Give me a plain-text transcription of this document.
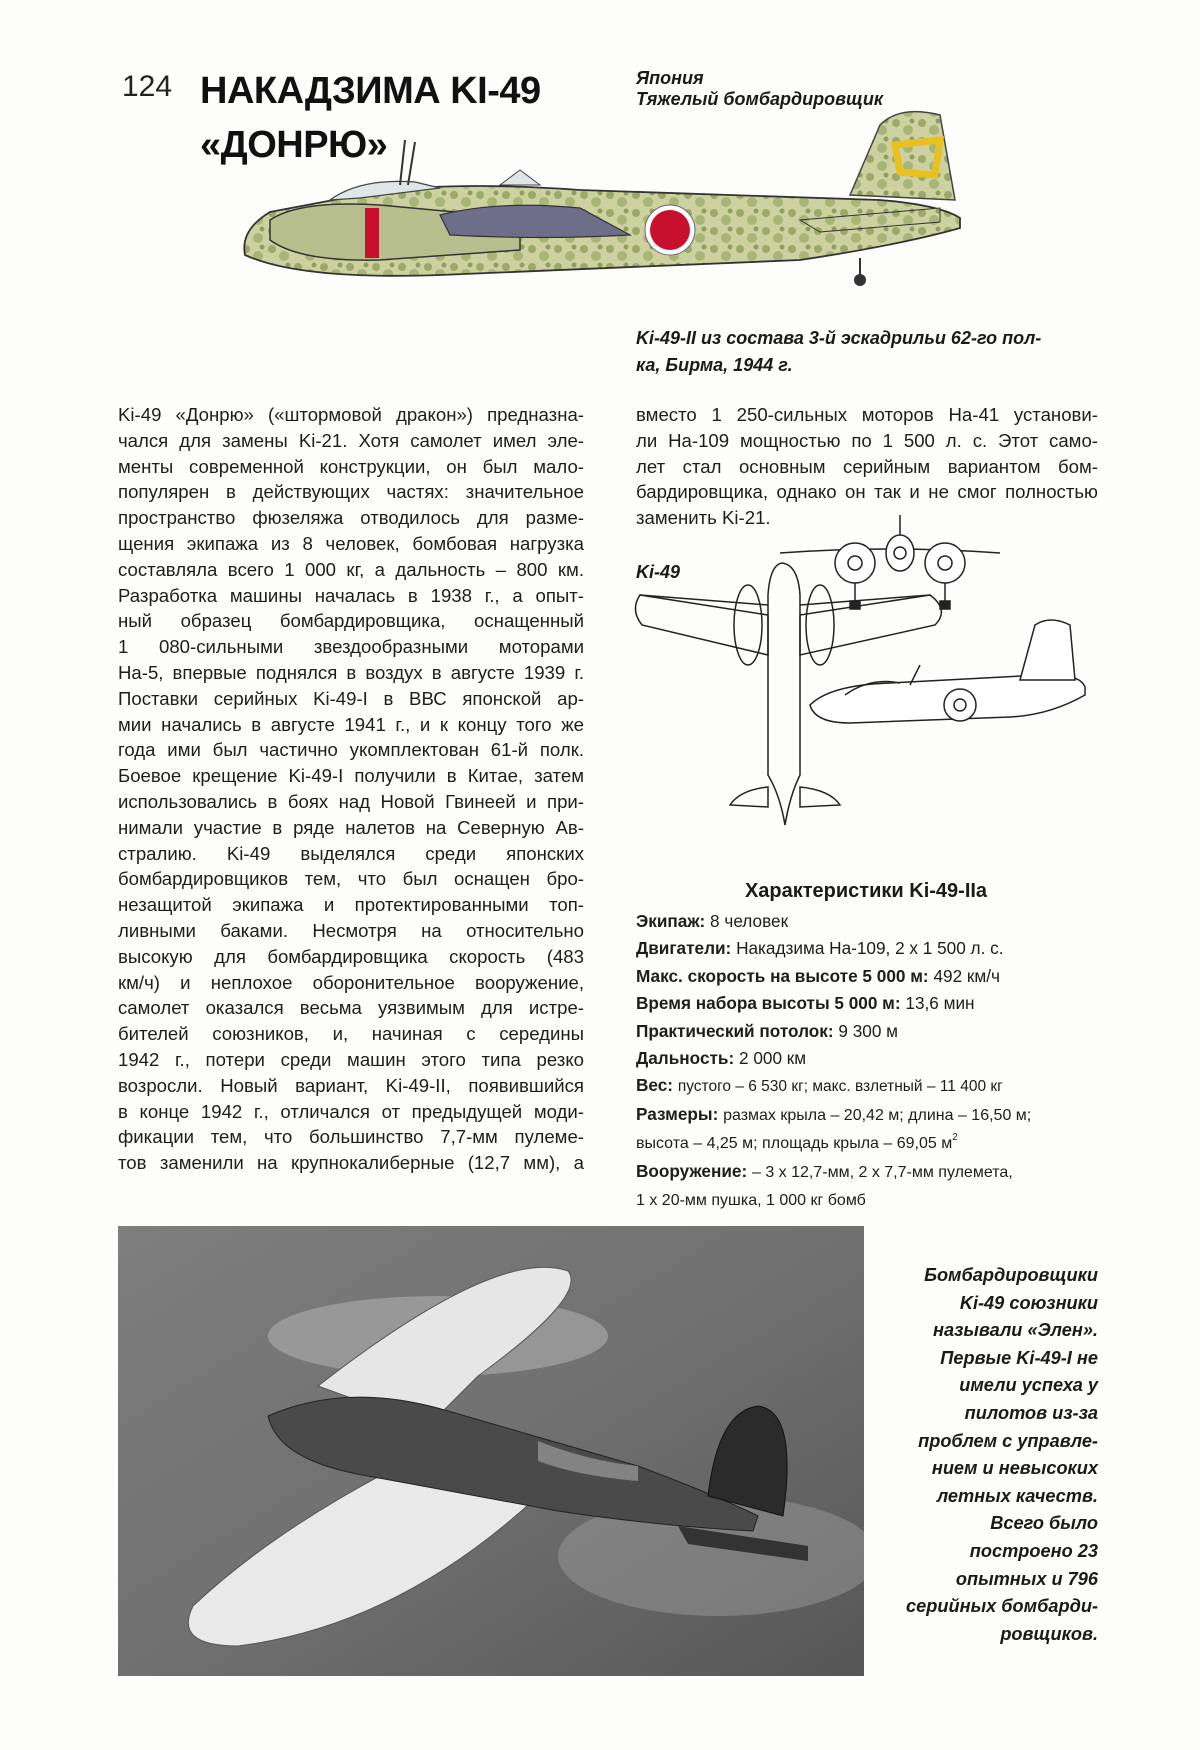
124 НАКАДЗИМА KI-49
«ДОНРЮ»
Япония
Тяжелый бомбардировщик
Ki-49-II из состава 3-й эскадрильи 62-го пол-
ка, Бирма, 1944 г.
Ki-49 «Донрю» («штормовой дракон») предназна-
чался для замены Ki-21. Хотя самолет имел эле-
менты современной конструкции, он был мало-
популярен в действующих частях: значительное
пространство фюзеляжа отводилось для разме-
щения экипажа из 8 человек, бомбовая нагрузка
составляла всего 1 000 кг, а дальность – 800 км.
Разработка машины началась в 1938 г., а опыт-
ный образец бомбардировщика, оснащенный
1 080-сильными звездообразными моторами
На-5, впервые поднялся в воздух в августе 1939 г.
Поставки серийных Ki-49-I в ВВС японской ар-
мии начались в августе 1941 г., и к концу того же
года ими был частично укомплектован 61-й полк.
Боевое крещение Ki-49-I получили в Китае, затем
использовались в боях над Новой Гвинеей и при-
нимали участие в ряде налетов на Северную Ав-
стралию. Ki-49 выделялся среди японских
бомбардировщиков тем, что был оснащен бро-
незащитой экипажа и протектированными топ-
ливными баками. Несмотря на относительно
высокую для бомбардировщика скорость (483
км/ч) и неплохое оборонительное вооружение,
самолет оказался весьма уязвимым для истре-
бителей союзников, и, начиная с середины
1942 г., потери среди машин этого типа резко
возросли. Новый вариант, Ki-49-II, появившийся
в конце 1942 г., отличался от предыдущей моди-
фикации тем, что большинство 7,7-мм пулеме-
тов заменили на крупнокалиберные (12,7 мм), а
вместо 1 250-сильных моторов На-41 установи-
ли На-109 мощностью по 1 500 л. с. Этот само-
лет стал основным серийным вариантом бом-
бардировщика, однако он так и не смог полностью
заменить Ki-21.
Ki-49
Характеристики Ki-49-IIa
Экипаж: 8 человек
Двигатели: Накадзима На-109, 2 х 1 500 л. с.
Макс. скорость на высоте 5 000 м: 492 км/ч
Время набора высоты 5 000 м: 13,6 мин
Практический потолок: 9 300 м
Дальность: 2 000 км
Вес: пустого – 6 530 кг; макс. взлетный – 11 400 кг
Размеры: размах крыла – 20,42 м; длина – 16,50 м;
высота – 4,25 м; площадь крыла – 69,05 $м^2$
Вооружение: – 3 х 12,7-мм, 2 х 7,7-мм пулемета,
1 х 20-мм пушка, 1 000 кг бомб
Бомбардировщики
Ki-49 союзники
называли «Элен».
Первые Ki-49-I не
имели успеха у
пилотов из-за
проблем с управле-
нием и невысоких
летных качеств.
Всего было
построено 23
опытных и 796
серийных бомбарди-
ровщиков.
